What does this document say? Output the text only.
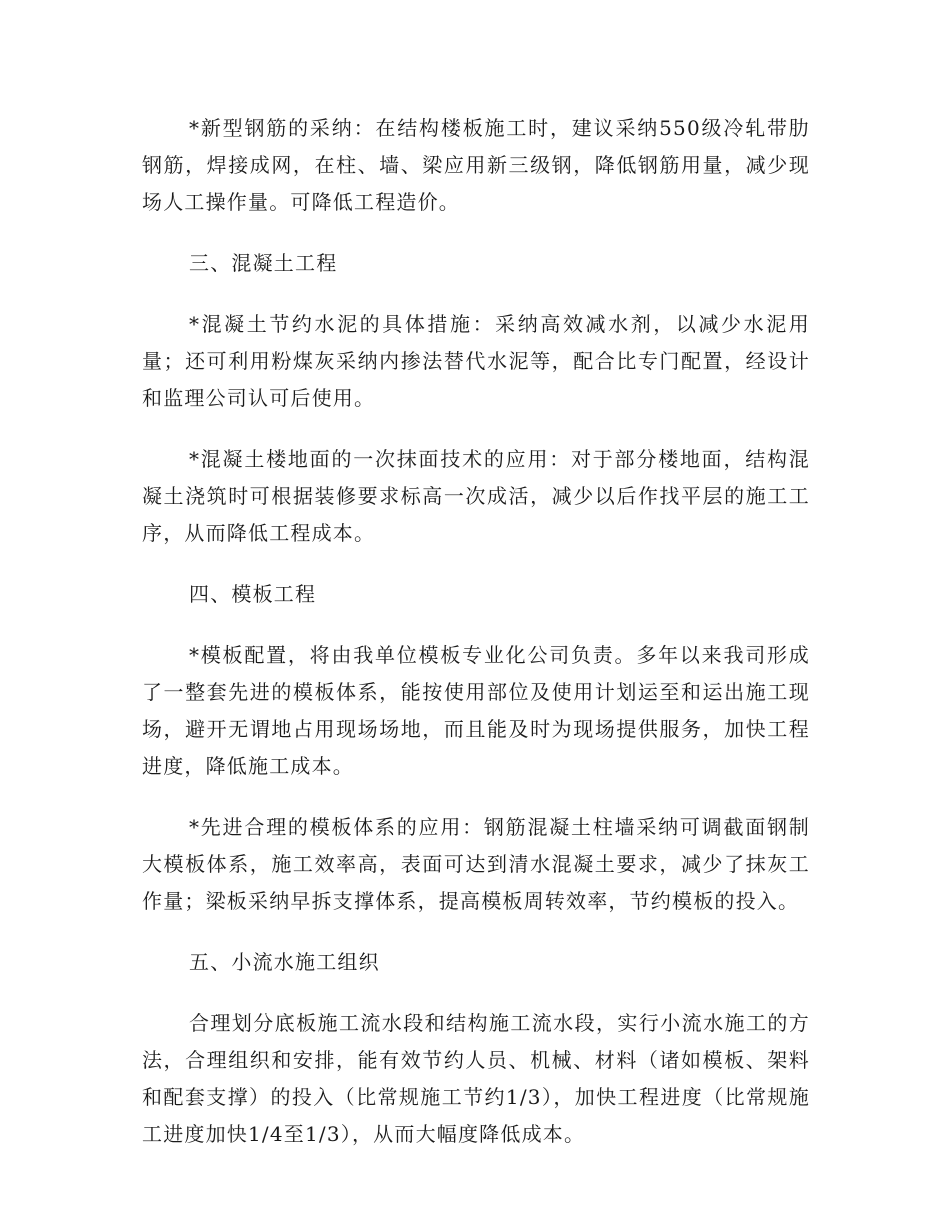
*新型钢筋的采纳：在结构楼板施工时，建议采纳550级冷轧带肋钢筋，焊接成网，在柱、墙、梁应用新三级钢，降低钢筋用量，减少现场人工操作量。可降低工程造价。

三、混凝土工程

*混凝土节约水泥的具体措施：采纳高效减水剂，以减少水泥用量；还可利用粉煤灰采纳内掺法替代水泥等，配合比专门配置，经设计和监理公司认可后使用。

*混凝土楼地面的一次抹面技术的应用：对于部分楼地面，结构混凝土浇筑时可根据装修要求标高一次成活，减少以后作找平层的施工工序，从而降低工程成本。

四、模板工程

*模板配置，将由我单位模板专业化公司负责。多年以来我司形成了一整套先进的模板体系，能按使用部位及使用计划运至和运出施工现场，避开无谓地占用现场场地，而且能及时为现场提供服务，加快工程进度，降低施工成本。

*先进合理的模板体系的应用：钢筋混凝土柱墙采纳可调截面钢制大模板体系，施工效率高，表面可达到清水混凝土要求，减少了抹灰工作量；梁板采纳早拆支撑体系，提高模板周转效率，节约模板的投入。

五、小流水施工组织

合理划分底板施工流水段和结构施工流水段，实行小流水施工的方法，合理组织和安排，能有效节约人员、机械、材料（诸如模板、架料和配套支撑）的投入（比常规施工节约1/3），加快工程进度（比常规施工进度加快1/4至1/3），从而大幅度降低成本。
